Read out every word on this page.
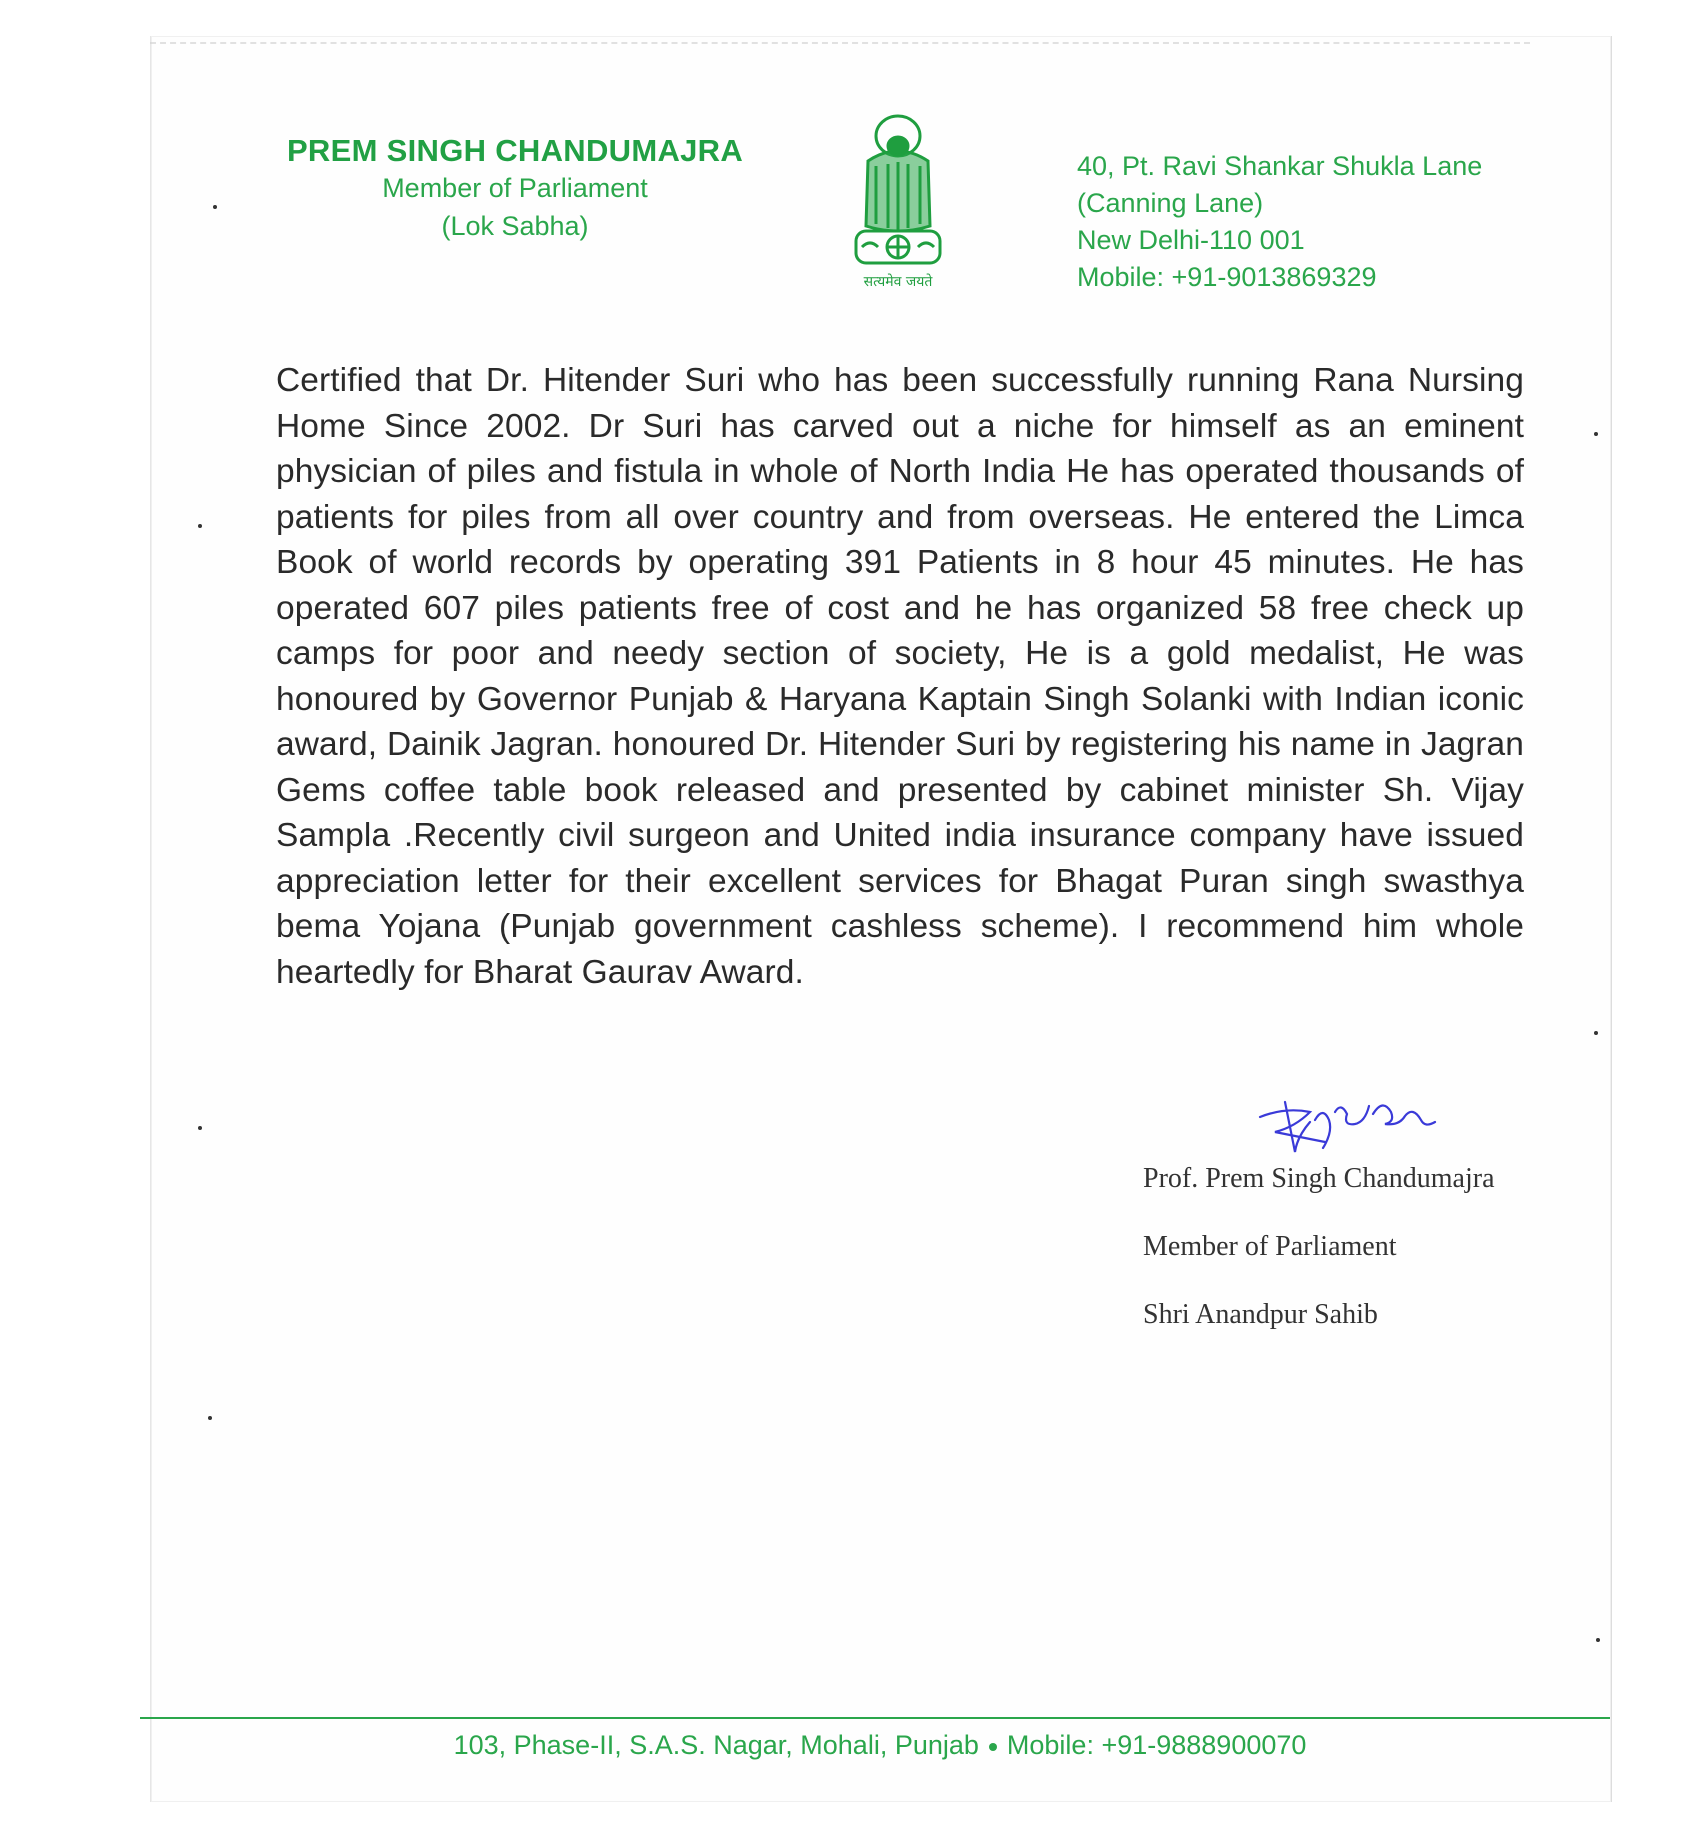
PREM SINGH CHANDUMAJRA
Member of Parliament
(Lok Sabha)
सत्यमेव जयते
40, Pt. Ravi Shankar Shukla Lane
(Canning Lane)
New Delhi-110 001
Mobile: +91-9013869329
Certified that Dr. Hitender Suri who has been successfully running Rana Nursing Home Since 2002. Dr Suri has carved out a niche for himself as an eminent physician of piles and fistula in whole of North India He has operated thousands of patients for piles from all over country and from overseas. He entered the Limca Book of world records by operating 391 Patients in 8 hour 45 minutes. He has operated 607 piles patients free of cost and he has organized 58 free check up camps for poor and needy section of society, He is a gold medalist, He was honoured by Governor Punjab & Haryana Kaptain Singh Solanki with Indian iconic award, Dainik Jagran. honoured Dr. Hitender Suri by registering his name in Jagran Gems coffee table book released and presented by cabinet minister Sh. Vijay Sampla .Recently civil surgeon and United india insurance company have issued appreciation letter for their excellent services for Bhagat Puran singh swasthya bema Yojana (Punjab government cashless scheme). I recommend him whole heartedly for Bharat Gaurav Award.
Prof. Prem Singh Chandumajra
Member of Parliament
Shri Anandpur Sahib
103, Phase-II, S.A.S. Nagar, Mohali, Punjab Mobile: +91-9888900070
